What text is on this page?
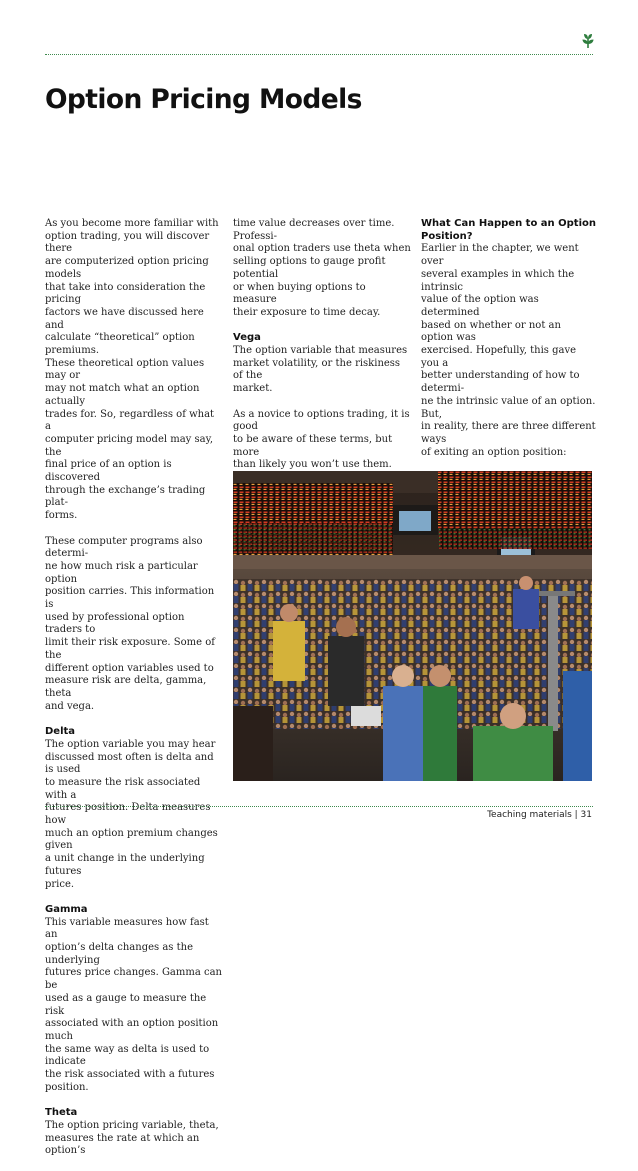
Option Pricing Models

As you become more familiar with
option trading, you will discover there
are computerized option pricing models
that take into consideration the pricing
factors we have discussed here and
calculate “theoretical” option premiums.
These theoretical option values may or
may not match what an option actually
trades for. So, regardless of what a
computer pricing model may say, the
final price of an option is discovered
through the exchange’s trading plat-
forms.

These computer programs also determi-
ne how much risk a particular option
position carries. This information is
used by professional option traders to
limit their risk exposure. Some of the
different option variables used to
measure risk are delta, gamma, theta
and vega.

Delta

The option variable you may hear
discussed most often is delta and is used
to measure the risk associated with a
futures position. Delta measures how
much an option premium changes given
a unit change in the underlying futures
price.

Gamma

This variable measures how fast an
option’s delta changes as the underlying
futures price changes. Gamma can be
used as a gauge to measure the risk
associated with an option position much
the same way as delta is used to indicate
the risk associated with a futures
position.

Theta

The option pricing variable, theta,
measures the rate at which an option’s

time value decreases over time. Professi-
onal option traders use theta when
selling options to gauge profit potential
or when buying options to measure
their exposure to time decay.

Vega

The option variable that measures
market volatility, or the riskiness of the
market.

As a novice to options trading, it is good
to be aware of these terms, but more
than likely you won’t use them.

What Can Happen to an Option
Position?

Earlier in the chapter, we went over
several examples in which the intrinsic
value of the option was determined
based on whether or not an option was
exercised. Hopefully, this gave you a
better understanding of how to determi-
ne the intrinsic value of an option. But,
in reality, there are three different ways
of exiting an option position:

•
•
•

Teaching materials | 31
